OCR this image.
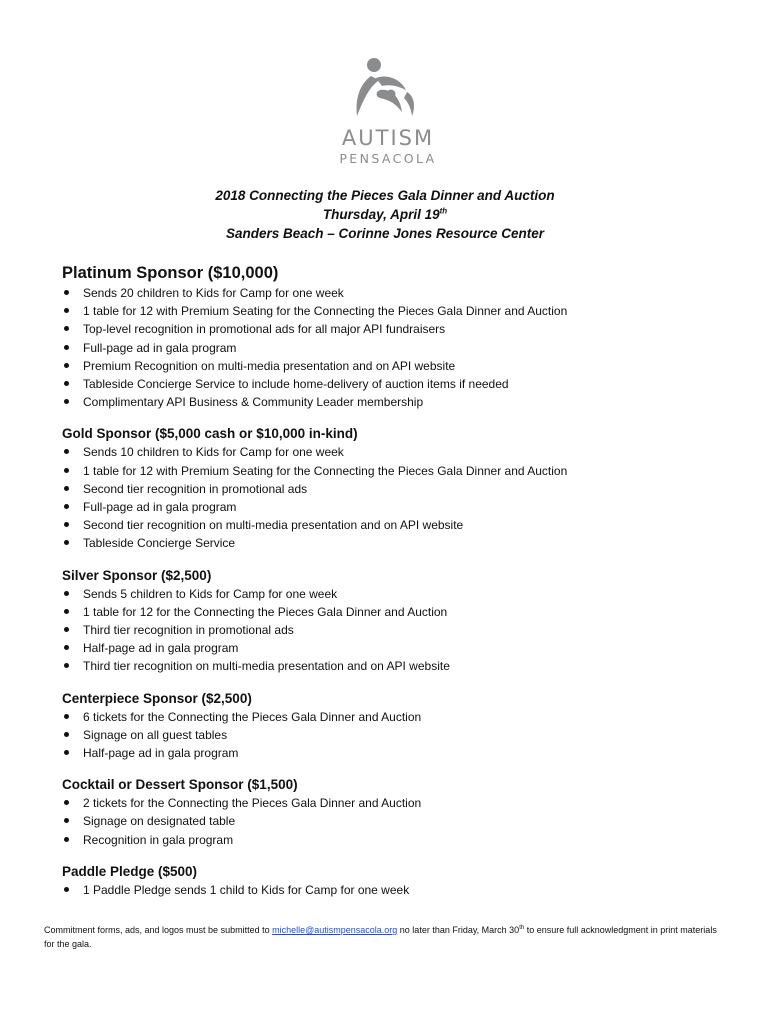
AUTISM
PENSACOLA
2018 Connecting the Pieces Gala Dinner and Auction
Thursday, April 19th
Sanders Beach – Corinne Jones Resource Center
Platinum Sponsor ($10,000)
Sends 20 children to Kids for Camp for one week
1 table for 12 with Premium Seating for the Connecting the Pieces Gala Dinner and Auction
Top-level recognition in promotional ads for all major API fundraisers
Full-page ad in gala program
Premium Recognition on multi-media presentation and on API website
Tableside Concierge Service to include home-delivery of auction items if needed
Complimentary API Business & Community Leader membership
Gold Sponsor ($5,000 cash or $10,000 in-kind)
Sends 10 children to Kids for Camp for one week
1 table for 12 with Premium Seating for the Connecting the Pieces Gala Dinner and Auction
Second tier recognition in promotional ads
Full-page ad in gala program
Second tier recognition on multi-media presentation and on API website
Tableside Concierge Service
Silver Sponsor ($2,500)
Sends 5 children to Kids for Camp for one week
1 table for 12 for the Connecting the Pieces Gala Dinner and Auction
Third tier recognition in promotional ads
Half-page ad in gala program
Third tier recognition on multi-media presentation and on API website
Centerpiece Sponsor ($2,500)
6 tickets for the Connecting the Pieces Gala Dinner and Auction
Signage on all guest tables
Half-page ad in gala program
Cocktail or Dessert Sponsor ($1,500)
2 tickets for the Connecting the Pieces Gala Dinner and Auction
Signage on designated table
Recognition in gala program
Paddle Pledge ($500)
1 Paddle Pledge sends 1 child to Kids for Camp for one week
Commitment forms, ads, and logos must be submitted to michelle@autismpensacola.org no later than Friday, March 30th to ensure full acknowledgment in print materials for the gala.
